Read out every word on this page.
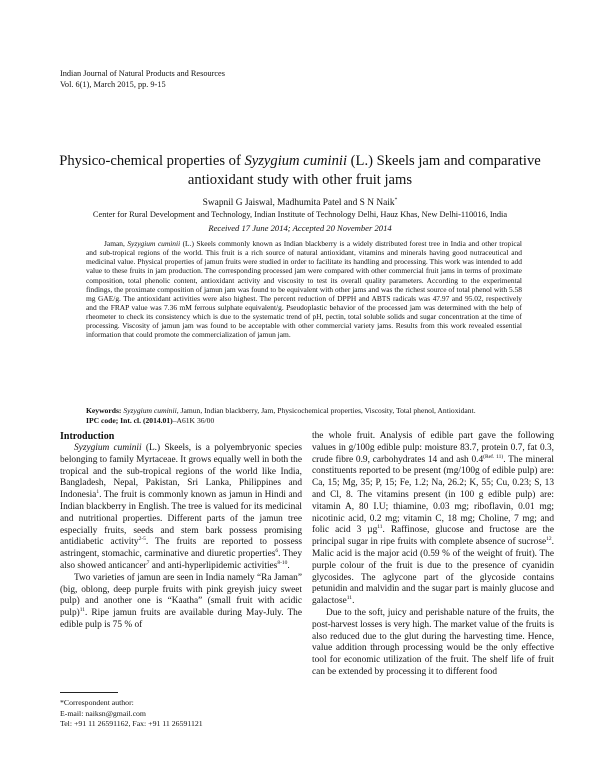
Indian Journal of Natural Products and Resources
Vol. 6(1), March 2015, pp. 9-15
Physico-chemical properties of Syzygium cuminii (L.) Skeels jam and comparative antioxidant study with other fruit jams
Swapnil G Jaiswal, Madhumita Patel and S N Naik*
Center for Rural Development and Technology, Indian Institute of Technology Delhi, Hauz Khas, New Delhi-110016, India
Received 17 June 2014; Accepted 20 November 2014

Jaman, Syzygium cuminii (L.) Skeels commonly known as Indian blackberry is a widely distributed forest tree in India and other tropical and sub-tropical regions of the world. This fruit is a rich source of natural antioxidant, vitamins and minerals having good nutraceutical and medicinal value. Physical properties of jamun fruits were studied in order to facilitate its handling and processing. This work was intended to add value to these fruits in jam production. The corresponding processed jam were compared with other commercial fruit jams in terms of proximate composition, total phenolic content, antioxidant activity and viscosity to test its overall quality parameters. According to the experimental findings, the proximate composition of jamun jam was found to be equivalent with other jams and was the richest source of total phenol with 5.58 mg GAE/g. The antioxidant activities were also highest. The percent reduction of DPPH and ABTS radicals was 47.97 and 95.02, respectively and the FRAP value was 7.36 mM ferrous sulphate equivalent/g. Pseudoplastic behavior of the processed jam was determined with the help of rheometer to check its consistency which is due to the systematic trend of pH, pectin, total soluble solids and sugar concentration at the time of processing. Viscosity of jamun jam was found to be acceptable with other commercial variety jams. Results from this work revealed essential information that could promote the commercialization of jamun jam.

Keywords: Syzygium cuminii, Jamun, Indian blackberry, Jam, Physicochemical properties, Viscosity, Total phenol, Antioxidant.
IPC code; Int. cl. (2014.01)–A61K 36/00
Introduction

Syzygium cuminii (L.) Skeels, is a polyembryonic species belonging to family Myrtaceae. It grows equally well in both the tropical and the sub-tropical regions of the world like India, Bangladesh, Nepal, Pakistan, Sri Lanka, Philippines and Indonesia$^1$. The fruit is commonly known as jamun in Hindi and Indian blackberry in English. The tree is valued for its medicinal and nutritional properties. Different parts of the jamun tree especially fruits, seeds and stem bark possess promising antidiabetic activity$^{2-5}$. The fruits are reported to possess astringent, stomachic, carminative and diuretic properties$^6$. They also showed anticancer$^7$ and anti-hyperlipidemic activities$^{8-10}$.

Two varieties of jamun are seen in India namely “Ra Jaman” (big, oblong, deep purple fruits with pink greyish juicy sweet pulp) and another one is “Kaatha” (small fruit with acidic pulp)$^{11}$. Ripe jamun fruits are available during May-July. The edible pulp is 75 % of

the whole fruit. Analysis of edible part gave the following values in g/100g edible pulp: moisture 83.7, protein 0.7, fat 0.3, crude fibre 0.9, carbohydrates 14 and ash $0.4^{(Ref. 11)}$. The mineral constituents reported to be present (mg/100g of edible pulp) are: Ca, 15; Mg, 35; P, 15; Fe, 1.2; Na, 26.2; K, 55; Cu, 0.23; S, 13 and Cl, 8. The vitamins present (in 100 g edible pulp) are: vitamin A, 80 I.U; thiamine, 0.03 mg; riboflavin, 0.01 mg; nicotinic acid, 0.2 mg; vitamin C, 18 mg; Choline, 7 mg; and folic acid 3 µg$^{11}$. Raffinose, glucose and fructose are the principal sugar in ripe fruits with complete absence of sucrose$^{12}$. Malic acid is the major acid (0.59 % of the weight of fruit). The purple colour of the fruit is due to the presence of cyanidin glycosides. The aglycone part of the glycoside contains petunidin and malvidin and the sugar part is mainly glucose and galactose$^{11}$.

Due to the soft, juicy and perishable nature of the fruits, the post-harvest losses is very high. The market value of the fruits is also reduced due to the glut during the harvesting time. Hence, value addition through processing would be the only effective tool for economic utilization of the fruit. The shelf life of fruit can be extended by processing it to different food

*Correspondent author:
E-mail: naiksn@gmail.com
Tel: +91 11 26591162, Fax: +91 11 26591121
